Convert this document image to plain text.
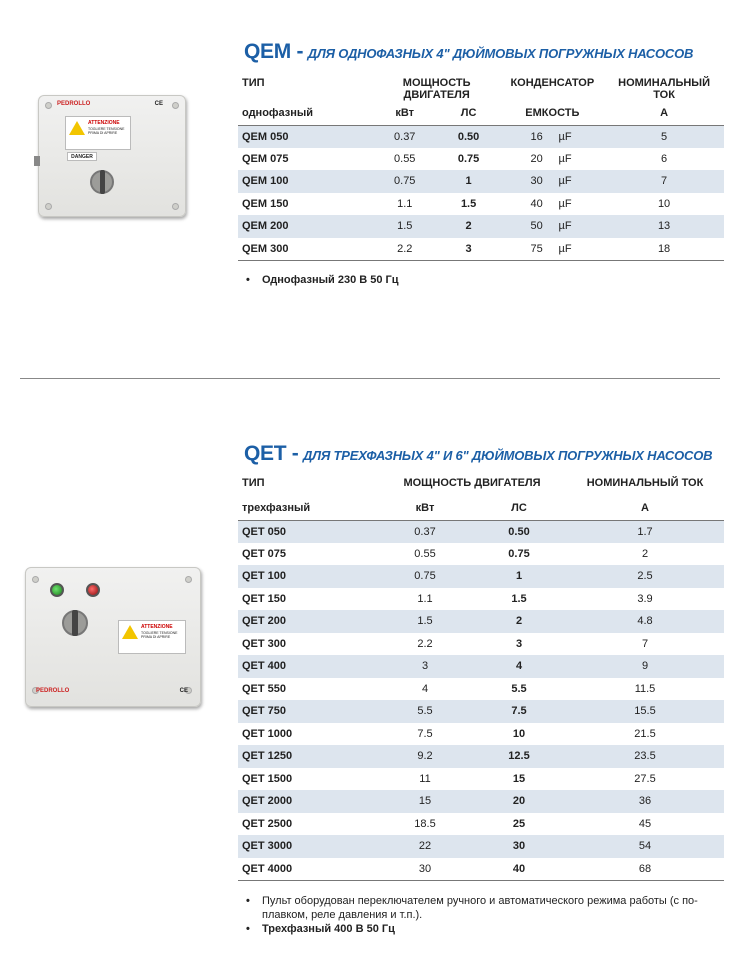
QEM - ДЛЯ ОДНОФАЗНЫХ 4" ДЮЙМОВЫХ ПОГРУЖНЫХ НАСОСОВ
PEDROLLO	CE
ATTENZIONE
TOGLIERE TENSIONE PRIMA DI APRIRE
DANGER
ТИП	МОЩНОСТЬ ДВИГАТЕЛЯ		КОНДЕНСАТОР	НОМИНАЛЬНЫЙ ТОК
однофазный	кВт	ЛС	ЕМКОСТЬ	А
QEM 050	0.37	0.50	16 µF	5
QEM 075	0.55	0.75	20 µF	6
QEM 100	0.75	1	30 µF	7
QEM 150	1.1	1.5	40 µF	10
QEM 200	1.5	2	50 µF	13
QEM 300	2.2	3	75 µF	18
• Однофазный 230 В 50 Гц
QET - ДЛЯ ТРЕХФАЗНЫХ 4" И 6" ДЮЙМОВЫХ ПОГРУЖНЫХ НАСОСОВ
ATTENZIONE
TOGLIERE TENSIONE PRIMA DI APRIRE
PEDROLLO	CE
ТИП	МОЩНОСТЬ ДВИГАТЕЛЯ		НОМИНАЛЬНЫЙ ТОК
трехфазный	кВт	ЛС	А
QET 050	0.37	0.50	1.7
QET 075	0.55	0.75	2
QET 100	0.75	1	2.5
QET 150	1.1	1.5	3.9
QET 200	1.5	2	4.8
QET 300	2.2	3	7
QET 400	3	4	9
QET 550	4	5.5	11.5
QET 750	5.5	7.5	15.5
QET 1000	7.5	10	21.5
QET 1250	9.2	12.5	23.5
QET 1500	11	15	27.5
QET 2000	15	20	36
QET 2500	18.5	25	45
QET 3000	22	30	54
QET 4000	30	40	68
• Пульт оборудован переключателем ручного и автоматического режима работы (с по-
плавком, реле давления и т.п.).
• Трехфазный 400 В 50 Гц
